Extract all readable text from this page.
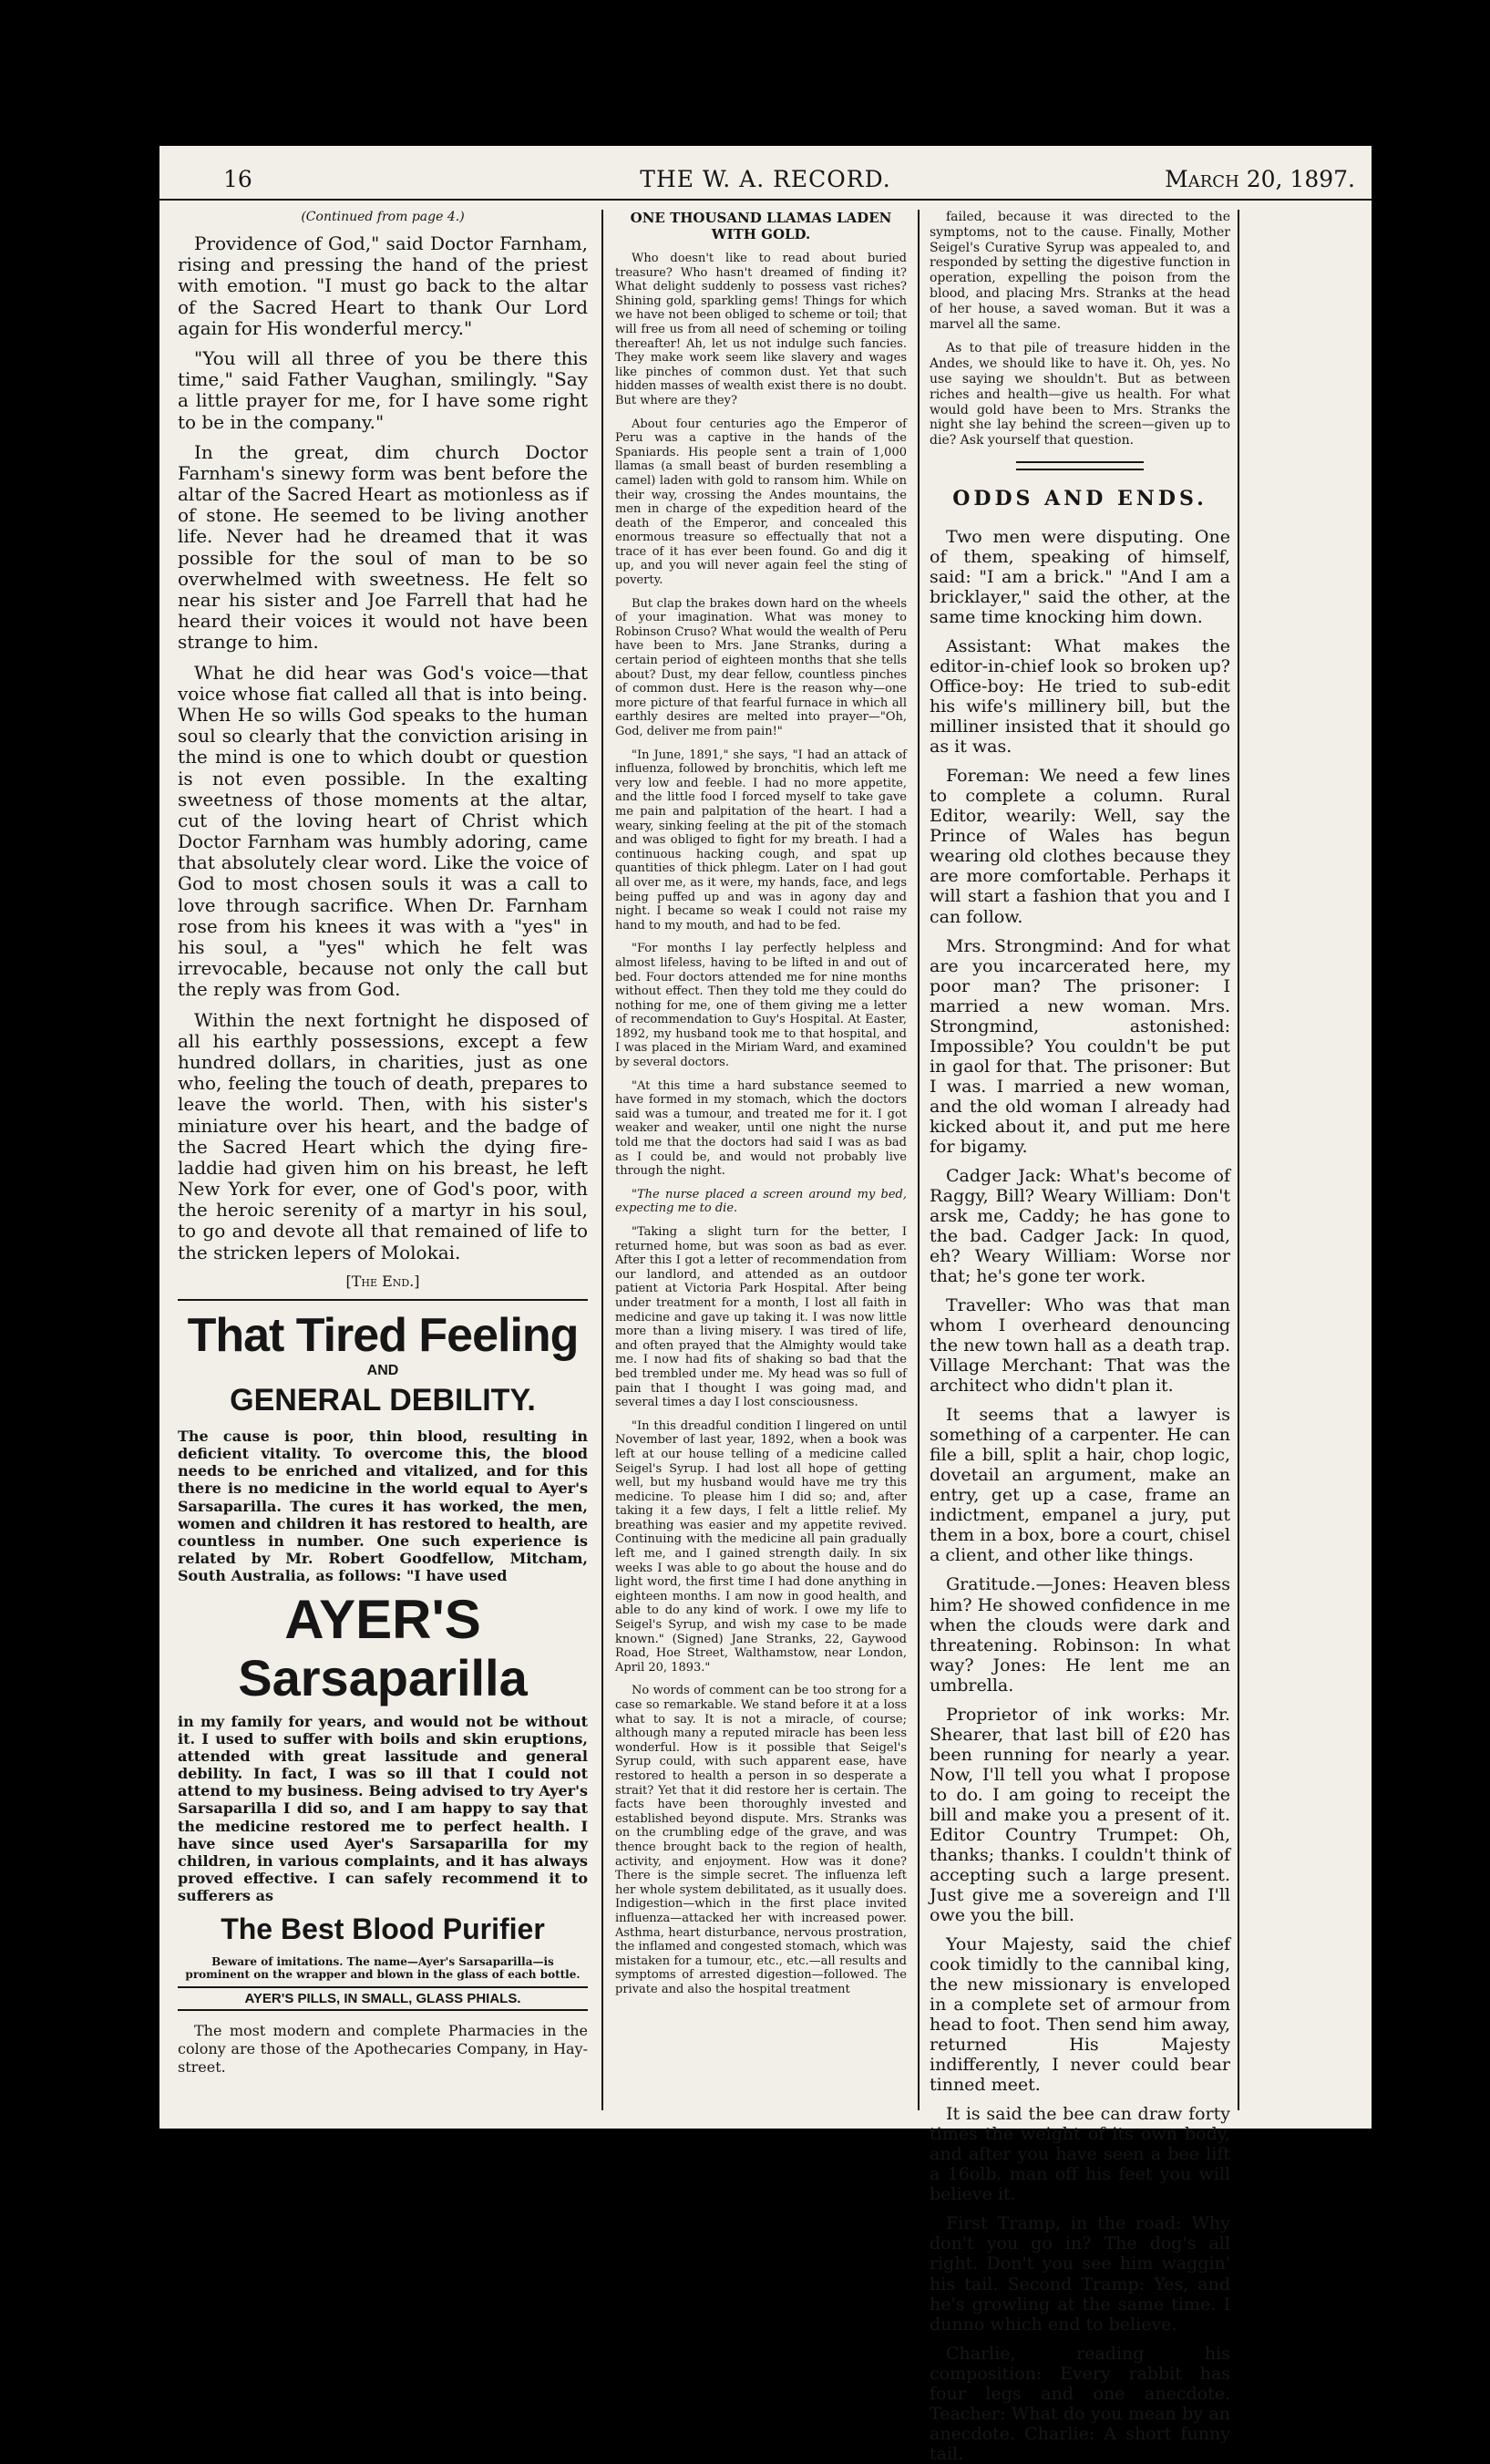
16	THE W. A. RECORD.	March 20, 1897.
(Continued from page 4.)

Providence of God," said Doctor Farnham, rising and pressing the hand of the priest with emotion. "I must go back to the altar of the Sacred Heart to thank Our Lord again for His wonderful mercy."

"You will all three of you be there this time," said Father Vaughan, smilingly. "Say a little prayer for me, for I have some right to be in the company."

In the great, dim church Doctor Farnham's sinewy form was bent before the altar of the Sacred Heart as motionless as if of stone. He seemed to be living another life. Never had he dreamed that it was possible for the soul of man to be so overwhelmed with sweetness. He felt so near his sister and Joe Farrell that had he heard their voices it would not have been strange to him.

What he did hear was God's voice—that voice whose fiat called all that is into being. When He so wills God speaks to the human soul so clearly that the conviction arising in the mind is one to which doubt or question is not even possible. In the exalting sweetness of those moments at the altar, cut of the loving heart of Christ which Doctor Farnham was humbly adoring, came that absolutely clear word. Like the voice of God to most chosen souls it was a call to love through sacrifice. When Dr. Farnham rose from his knees it was with a "yes" in his soul, a "yes" which he felt was irrevocable, because not only the call but the reply was from God.

Within the next fortnight he disposed of all his earthly possessions, except a few hundred dollars, in charities, just as one who, feeling the touch of death, prepares to leave the world. Then, with his sister's miniature over his heart, and the badge of the Sacred Heart which the dying fire-laddie had given him on his breast, he left New York for ever, one of God's poor, with the heroic serenity of a martyr in his soul, to go and devote all that remained of life to the stricken lepers of Molokai.

[The End.]
That Tired Feeling
AND
GENERAL DEBILITY.
The cause is poor, thin blood, resulting in deficient vitality. To overcome this, the blood needs to be enriched and vitalized, and for this there is no medicine in the world equal to Ayer's Sarsaparilla. The cures it has worked, the men, women and children it has restored to health, are countless in number. One such experience is related by Mr. Robert Goodfellow, Mitcham, South Australia, as follows: "I have used
AYER'S
Sarsaparilla
in my family for years, and would not be without it. I used to suffer with boils and skin eruptions, attended with great lassitude and general debility. In fact, I was so ill that I could not attend to my business. Being advised to try Ayer's Sarsaparilla I did so, and I am happy to say that the medicine restored me to perfect health. I have since used Ayer's Sarsaparilla for my children, in various complaints, and it has always proved effective. I can safely recommend it to sufferers as
The Best Blood Purifier
Beware of imitations. The name—Ayer's Sarsaparilla—is prominent on the wrapper and blown in the glass of each bottle.
AYER'S PILLS, IN SMALL, GLASS PHIALS.
The most modern and complete Pharmacies in the colony are those of the Apothecaries Company, in Hay-street.
ONE THOUSAND LLAMAS LADEN WITH GOLD.

Who doesn't like to read about buried treasure? Who hasn't dreamed of finding it? What delight suddenly to possess vast riches? Shining gold, sparkling gems! Things for which we have not been obliged to scheme or toil; that will free us from all need of scheming or toiling thereafter! Ah, let us not indulge such fancies. They make work seem like slavery and wages like pinches of common dust. Yet that such hidden masses of wealth exist there is no doubt. But where are they?

About four centuries ago the Emperor of Peru was a captive in the hands of the Spaniards. His people sent a train of 1,000 llamas (a small beast of burden resembling a camel) laden with gold to ransom him. While on their way, crossing the Andes mountains, the men in charge of the expedition heard of the death of the Emperor, and concealed this enormous treasure so effectually that not a trace of it has ever been found. Go and dig it up, and you will never again feel the sting of poverty.

But clap the brakes down hard on the wheels of your imagination. What was money to Robinson Cruso? What would the wealth of Peru have been to Mrs. Jane Stranks, during a certain period of eighteen months that she tells about? Dust, my dear fellow, countless pinches of common dust. Here is the reason why—one more picture of that fearful furnace in which all earthly desires are melted into prayer—"Oh, God, deliver me from pain!"

"In June, 1891," she says, "I had an attack of influenza, followed by bronchitis, which left me very low and feeble. I had no more appetite, and the little food I forced myself to take gave me pain and palpitation of the heart. I had a weary, sinking feeling at the pit of the stomach and was obliged to fight for my breath. I had a continuous hacking cough, and spat up quantities of thick phlegm. Later on I had gout all over me, as it were, my hands, face, and legs being puffed up and was in agony day and night. I became so weak I could not raise my hand to my mouth, and had to be fed.

"For months I lay perfectly helpless and almost lifeless, having to be lifted in and out of bed. Four doctors attended me for nine months without effect. Then they told me they could do nothing for me, one of them giving me a letter of recommendation to Guy's Hospital. At Easter, 1892, my husband took me to that hospital, and I was placed in the Miriam Ward, and examined by several doctors.

"At this time a hard substance seemed to have formed in my stomach, which the doctors said was a tumour, and treated me for it. I got weaker and weaker, until one night the nurse told me that the doctors had said I was as bad as I could be, and would not probably live through the night.

"The nurse placed a screen around my bed, expecting me to die.

"Taking a slight turn for the better, I returned home, but was soon as bad as ever. After this I got a letter of recommendation from our landlord, and attended as an outdoor patient at Victoria Park Hospital. After being under treatment for a month, I lost all faith in medicine and gave up taking it. I was now little more than a living misery. I was tired of life, and often prayed that the Almighty would take me. I now had fits of shaking so bad that the bed trembled under me. My head was so full of pain that I thought I was going mad, and several times a day I lost consciousness.

"In this dreadful condition I lingered on until November of last year, 1892, when a book was left at our house telling of a medicine called Seigel's Syrup. I had lost all hope of getting well, but my husband would have me try this medicine. To please him I did so; and, after taking it a few days, I felt a little relief. My breathing was easier and my appetite revived. Continuing with the medicine all pain gradually left me, and I gained strength daily. In six weeks I was able to go about the house and do light word, the first time I had done anything in eighteen months. I am now in good health, and able to do any kind of work. I owe my life to Seigel's Syrup, and wish my case to be made known." (Signed) Jane Stranks, 22, Gaywood Road, Hoe Street, Walthamstow, near London, April 20, 1893."

No words of comment can be too strong for a case so remarkable. We stand before it at a loss what to say. It is not a miracle, of course; although many a reputed miracle has been less wonderful. How is it possible that Seigel's Syrup could, with such apparent ease, have restored to health a person in so desperate a strait? Yet that it did restore her is certain. The facts have been thoroughly invested and established beyond dispute. Mrs. Stranks was on the crumbling edge of the grave, and was thence brought back to the region of health, activity, and enjoyment. How was it done? There is the simple secret. The influenza left her whole system debilitated, as it usually does. Indigestion—which in the first place invited influenza—attacked her with increased power. Asthma, heart disturbance, nervous prostration, the inflamed and congested stomach, which was mistaken for a tumour, etc., etc.—all results and symptoms of arrested digestion—followed. The private and also the hospital treatment

failed, because it was directed to the symptoms, not to the cause. Finally, Mother Seigel's Curative Syrup was appealed to, and responded by setting the digestive function in operation, expelling the poison from the blood, and placing Mrs. Stranks at the head of her house, a saved woman. But it was a marvel all the same.

As to that pile of treasure hidden in the Andes, we should like to have it. Oh, yes. No use saying we shouldn't. But as between riches and health—give us health. For what would gold have been to Mrs. Stranks the night she lay behind the screen—given up to die? Ask yourself that question.

ODDS AND ENDS.

Two men were disputing. One of them, speaking of himself, said: "I am a brick." "And I am a bricklayer," said the other, at the same time knocking him down.

Assistant: What makes the editor-in-chief look so broken up? Office-boy: He tried to sub-edit his wife's millinery bill, but the milliner insisted that it should go as it was.

Foreman: We need a few lines to complete a column. Rural Editor, wearily: Well, say the Prince of Wales has begun wearing old clothes because they are more comfortable. Perhaps it will start a fashion that you and I can follow.

Mrs. Strongmind: And for what are you incarcerated here, my poor man? The prisoner: I married a new woman. Mrs. Strongmind, astonished: Impossible? You couldn't be put in gaol for that. The prisoner: But I was. I married a new woman, and the old woman I already had kicked about it, and put me here for bigamy.

Cadger Jack: What's become of Raggy, Bill? Weary William: Don't arsk me, Caddy; he has gone to the bad. Cadger Jack: In quod, eh? Weary William: Worse nor that; he's gone ter work.

Traveller: Who was that man whom I overheard denouncing the new town hall as a death trap. Village Merchant: That was the architect who didn't plan it.

It seems that a lawyer is something of a carpenter. He can file a bill, split a hair, chop logic, dovetail an argument, make an entry, get up a case, frame an indictment, empanel a jury, put them in a box, bore a court, chisel a client, and other like things.

Gratitude.—Jones: Heaven bless him? He showed confidence in me when the clouds were dark and threatening. Robinson: In what way? Jones: He lent me an umbrella.

Proprietor of ink works: Mr. Shearer, that last bill of £20 has been running for nearly a year. Now, I'll tell you what I propose to do. I am going to receipt the bill and make you a present of it. Editor Country Trumpet: Oh, thanks; thanks. I couldn't think of accepting such a large present. Just give me a sovereign and I'll owe you the bill.

Your Majesty, said the chief cook timidly to the cannibal king, the new missionary is enveloped in a complete set of armour from head to foot. Then send him away, returned His Majesty indifferently, I never could bear tinned meet.

It is said the bee can draw forty times the weight of its own body, and after you have seen a bee lift a 16olb. man off his feet you will believe it.

First Tramp, in the road: Why don't you go in? The dog's all right. Don't you see him waggin' his tail. Second Tramp: Yes, and he's growling at the same time. I dunno which end to believe.

Charlie, reading his composition: Every rabbit has four legs and one anecdote. Teacher: What do you mean by an anecdote. Charlie: A short funny tail.
